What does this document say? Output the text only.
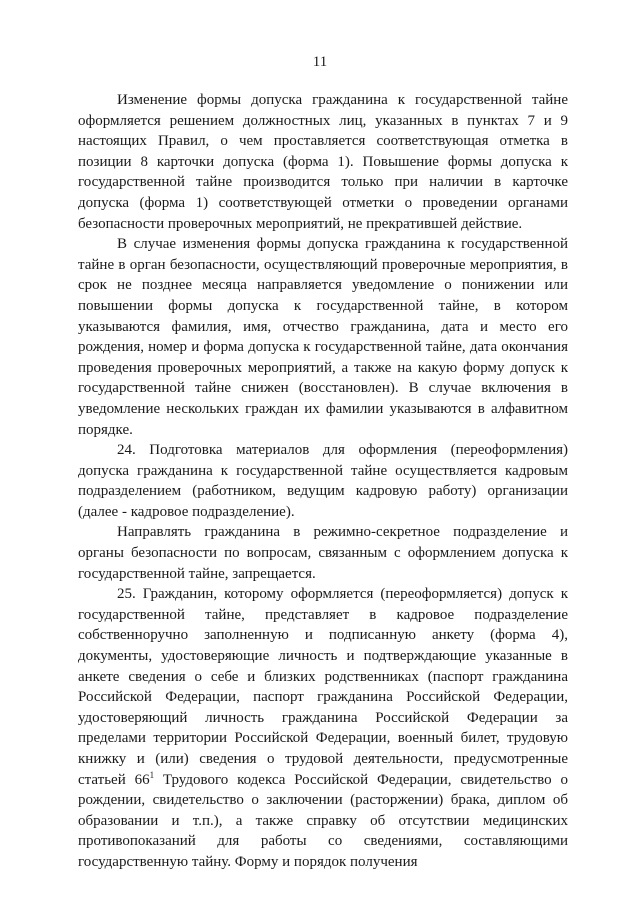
11

Изменение формы допуска гражданина к государственной тайне оформляется решением должностных лиц, указанных в пунктах 7 и 9 настоящих Правил, о чем проставляется соответствующая отметка в позиции 8 карточки допуска (форма 1). Повышение формы допуска к государственной тайне производится только при наличии в карточке допуска (форма 1) соответствующей отметки о проведении органами безопасности проверочных мероприятий, не прекратившей действие.

В случае изменения формы допуска гражданина к государственной тайне в орган безопасности, осуществляющий проверочные мероприятия, в срок не позднее месяца направляется уведомление о понижении или повышении формы допуска к государственной тайне, в котором указываются фамилия, имя, отчество гражданина, дата и место его рождения, номер и форма допуска к государственной тайне, дата окончания проведения проверочных мероприятий, а также на какую форму допуск к государственной тайне снижен (восстановлен). В случае включения в уведомление нескольких граждан их фамилии указываются в алфавитном порядке.

24. Подготовка материалов для оформления (переоформления) допуска гражданина к государственной тайне осуществляется кадровым подразделением (работником, ведущим кадровую работу) организации (далее - кадровое подразделение).

Направлять гражданина в режимно-секретное подразделение и органы безопасности по вопросам, связанным с оформлением допуска к государственной тайне, запрещается.

25. Гражданин, которому оформляется (переоформляется) допуск к государственной тайне, представляет в кадровое подразделение собственноручно заполненную и подписанную анкету (форма 4), документы, удостоверяющие личность и подтверждающие указанные в анкете сведения о себе и близких родственниках (паспорт гражданина Российской Федерации, паспорт гражданина Российской Федерации, удостоверяющий личность гражданина Российской Федерации за пределами территории Российской Федерации, военный билет, трудовую книжку и (или) сведения о трудовой деятельности, предусмотренные статьей $66^1$ Трудового кодекса Российской Федерации, свидетельство о рождении, свидетельство о заключении (расторжении) брака, диплом об образовании и т.п.), а также справку об отсутствии медицинских противопоказаний для работы со сведениями, составляющими государственную тайну. Форму и порядок получения
